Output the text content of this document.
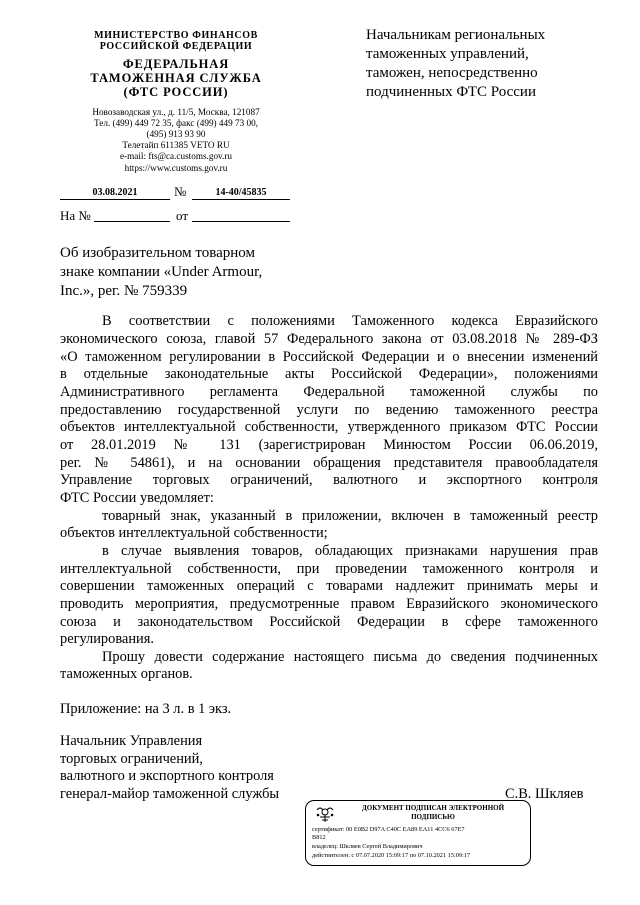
МИНИСТЕРСТВО ФИНАНСОВ
РОССИЙСКОЙ ФЕДЕРАЦИИ
ФЕДЕРАЛЬНАЯ
ТАМОЖЕННАЯ СЛУЖБА
(ФТС РОССИИ)
Новозаводская ул., д. 11/5, Москва, 121087
Тел. (499) 449 72 35, факс (499) 449 73 00,
(495) 913 93 90
Телетайп 611385 VETO RU
e-mail: fts@ca.customs.gov.ru
https://www.customs.gov.ru
03.08.2021	№	14-40/45835
На №	от
Начальникам региональных
таможенных управлений,
таможен, непосредственно
подчиненных ФТС России
Об изобразительном товарном
знаке компании «Under Armour,
Inc.», рег. № 759339
В соответствии с положениями Таможенного кодекса Евразийского
экономического союза, главой 57 Федерального закона от 03.08.2018 № 289-ФЗ
«О таможенном регулировании в Российской Федерации и о внесении изменений
в отдельные законодательные акты Российской Федерации», положениями
Административного регламента Федеральной таможенной службы по
предоставлению государственной услуги по ведению таможенного реестра
объектов интеллектуальной собственности, утвержденного приказом ФТС России
от 28.01.2019 № 131 (зарегистрирован Минюстом России 06.06.2019,
рег. № 54861), и на основании обращения представителя правообладателя
Управление торговых ограничений, валютного и экспортного контроля
ФТС России уведомляет:
товарный знак, указанный в приложении, включен в таможенный реестр
объектов интеллектуальной собственности;
в случае выявления товаров, обладающих признаками нарушения прав
интеллектуальной собственности, при проведении таможенного контроля и
совершении таможенных операций с товарами надлежит принимать меры и
проводить мероприятия, предусмотренные правом Евразийского экономического
союза и законодательством Российской Федерации в сфере таможенного
регулирования.
Прошу довести содержание настоящего письма до сведения подчиненных
таможенных органов.
Приложение: на 3 л. в 1 экз.
Начальник Управления
торговых ограничений,
валютного и экспортного контроля
генерал-майор таможенной службы	С.В. Шкляев
ДОКУМЕНТ ПОДПИСАН ЭЛЕКТРОННОЙ
ПОДПИСЬЮ
сертификат: 00 E0B2 D97A C40C EA89 EA11 4CC6 67E7
B812
владелец: Шкляев Сергей Владимирович
действителен: с 07.07.2020 15:09:17 по 07.10.2021 15:09:17
